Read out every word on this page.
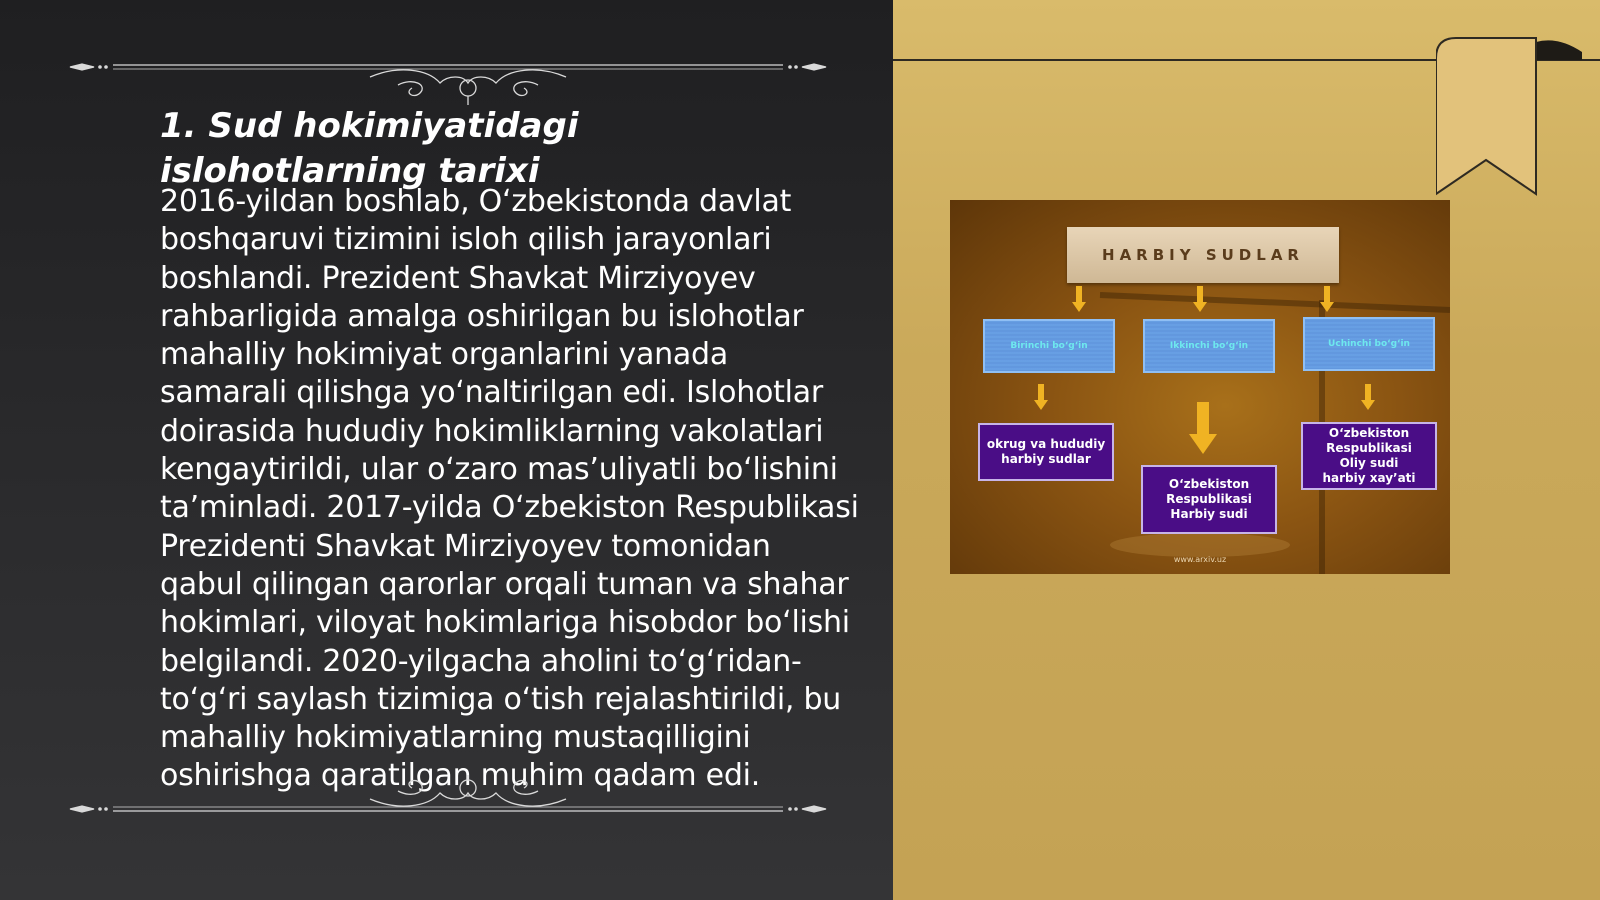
1. Sud hokimiyatidagi islohotlarning tarixi

2016-yildan boshlab, O‘zbekistonda davlat boshqaruvi tizimini isloh qilish jarayonlari boshlandi. Prezident Shavkat Mirziyoyev rahbarligida amalga oshirilgan bu islohotlar mahalliy hokimiyat organlarini yanada samarali qilishga yo‘naltirilgan edi. Islohotlar doirasida hududiy hokimliklarning vakolatlari kengaytirildi, ular o‘zaro mas’uliyatli bo‘lishini ta’minladi. 2017-yilda O‘zbekiston Respublikasi Prezidenti Shavkat Mirziyoyev tomonidan qabul qilingan qarorlar orqali tuman va shahar hokimlari, viloyat hokimlariga hisobdor bo‘lishi belgilandi. 2020-yilgacha aholini to‘g‘ridan-to‘g‘ri saylash tizimiga o‘tish rejalashtirildi, bu mahalliy hokimiyatlarning mustaqilligini oshirishga qaratilgan muhim qadam edi.

HARBIY SUDLAR
Birinchi bo‘g‘in	Ikkinchi bo‘g‘in	Uchinchi bo‘g‘in
okrug va hududiy
harbiy sudlar
O‘zbekiston
Respublikasi
Harbiy sudi
O‘zbekiston
Respublikasi
Oliy sudi
harbiy xay’ati
www.arxiv.uz
